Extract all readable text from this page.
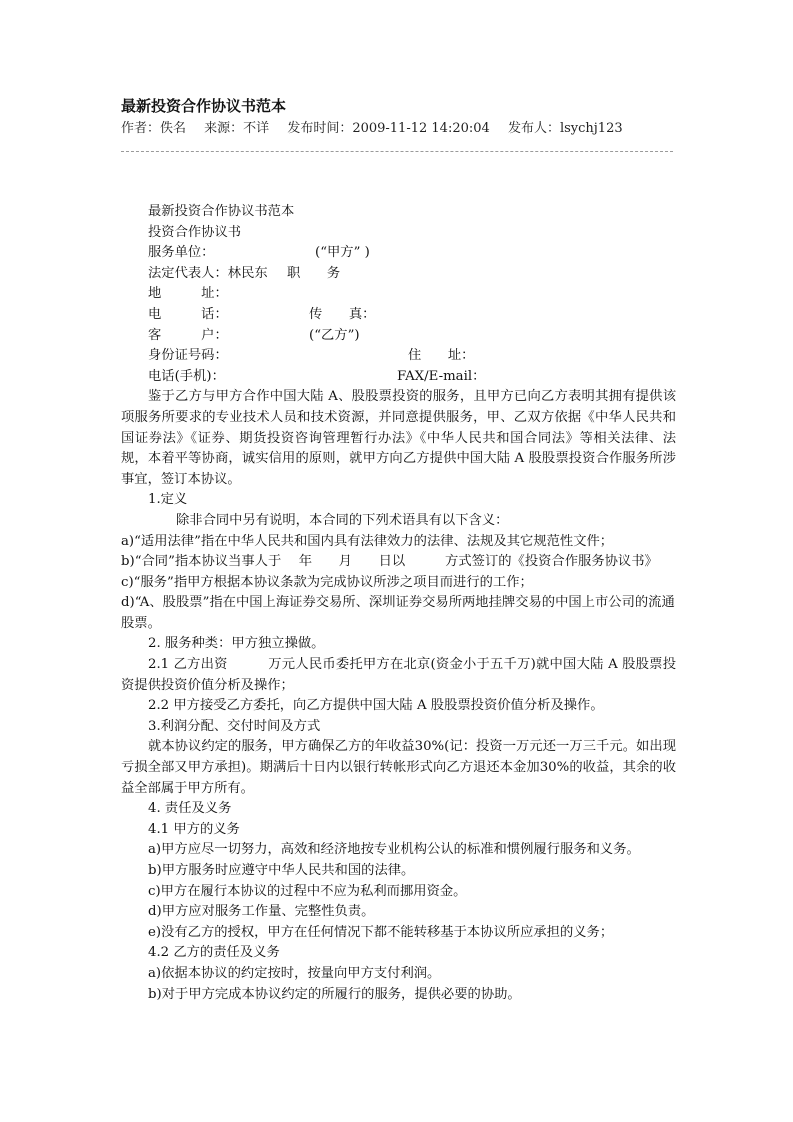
最新投资合作协议书范本
作者：佚名 来源：不详 发布时间：2009-11-12 14:20:04 发布人：lsychj123
最新投资合作协议书范本
投资合作协议书
服务单位：	(“甲方” )
法定代表人：林民东 职　　务
地　　　址：
电　　　话：	传　　真：
客　　　户：	(“乙方”)
身份证号码：	住　　址：
电话(手机)：	FAX/E-mail：
鉴于乙方与甲方合作中国大陆 A、股股票投资的服务，且甲方已向乙方表明其拥有提供该项服务所要求的专业技术人员和技术资源，并同意提供服务，甲、乙双方依据《中华人民共和国证券法》《证券、期货投资咨询管理暂行办法》《中华人民共和国合同法》等相关法律、法规，本着平等协商，诚实信用的原则，就甲方向乙方提供中国大陆 A 股股票投资合作服务所涉事宜，签订本协议。
1.定义
除非合同中另有说明，本合同的下列术语具有以下含义：
a)“适用法律”指在中华人民共和国内具有法律效力的法律、法规及其它规范性文件；
b)“合同”指本协议当事人于　 年　　月　　日以　　　方式签订的《投资合作服务协议书》
c)“服务”指甲方根据本协议条款为完成协议所涉之项目而进行的工作；
d)“A、股股票”指在中国上海证券交易所、深圳证券交易所两地挂牌交易的中国上市公司的流通股票。
2. 服务种类：甲方独立操做。
2.1 乙方出资　　　万元人民币委托甲方在北京(资金小于五千万)就中国大陆 A 股股票投资提供投资价值分析及操作；
2.2 甲方接受乙方委托，向乙方提供中国大陆 A 股股票投资价值分析及操作。
3.利润分配、交付时间及方式
就本协议约定的服务，甲方确保乙方的年收益30%(记：投资一万元还一万三千元。如出现亏损全部又甲方承担)。期满后十日内以银行转帐形式向乙方退还本金加30%的收益，其余的收益全部属于甲方所有。
4. 责任及义务
4.1 甲方的义务
a)甲方应尽一切努力，高效和经济地按专业机构公认的标准和惯例履行服务和义务。
b)甲方服务时应遵守中华人民共和国的法律。
c)甲方在履行本协议的过程中不应为私利而挪用资金。
d)甲方应对服务工作量、完整性负责。
e)没有乙方的授权，甲方在任何情况下都不能转移基于本协议所应承担的义务；
4.2 乙方的责任及义务
a)依据本协议的约定按时，按量向甲方支付利润。
b)对于甲方完成本协议约定的所履行的服务，提供必要的协助。
